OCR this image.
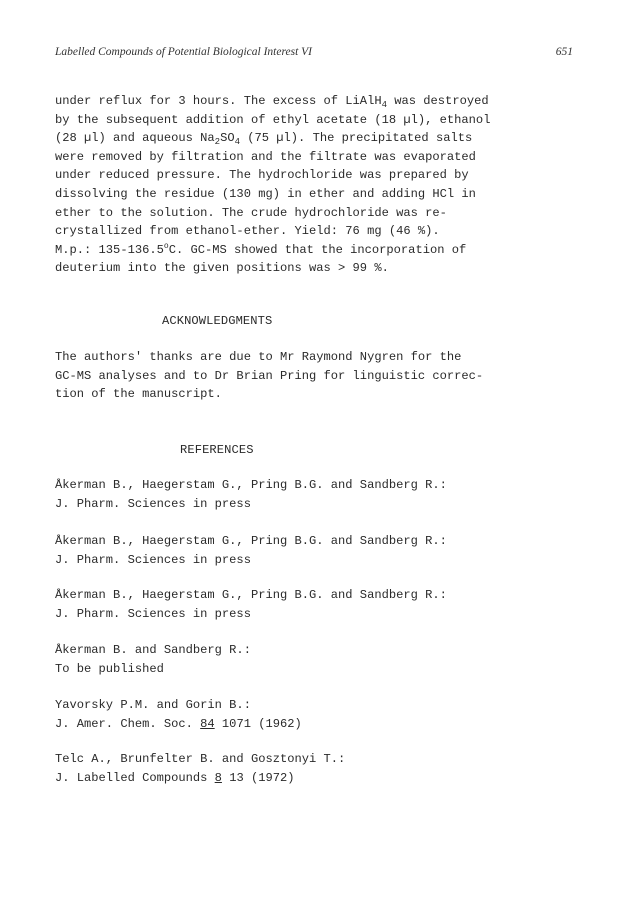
Labelled Compounds of Potential Biological Interest VI	651
under reflux for 3 hours. The excess of LiAlH$_4$ was destroyed
by the subsequent addition of ethyl acetate (18 µl), ethanol
(28 µl) and aqueous $Na_2SO_4$ (75 µl). The precipitated salts
were removed by filtration and the filtrate was evaporated
under reduced pressure. The hydrochloride was prepared by
dissolving the residue (130 mg) in ether and adding HCl in
ether to the solution. The crude hydrochloride was re-
crystallized from ethanol-ether. Yield: 76 mg (46 %).
M.p.: 135-136.5$^o$C. GC-MS showed that the incorporation of
deuterium into the given positions was > 99 %.
ACKNOWLEDGMENTS
The authors' thanks are due to Mr Raymond Nygren for the
GC-MS analyses and to Dr Brian Pring for linguistic correc-
tion of the manuscript.
REFERENCES
Åkerman B., Haegerstam G., Pring B.G. and Sandberg R.:
J. Pharm. Sciences in press
Åkerman B., Haegerstam G., Pring B.G. and Sandberg R.:
J. Pharm. Sciences in press
Åkerman B., Haegerstam G., Pring B.G. and Sandberg R.:
J. Pharm. Sciences in press
Åkerman B. and Sandberg R.:
To be published
Yavorsky P.M. and Gorin B.:
J. Amer. Chem. Soc. 84 1071 (1962)
Telc A., Brunfelter B. and Gosztonyi T.:
J. Labelled Compounds 8 13 (1972)
